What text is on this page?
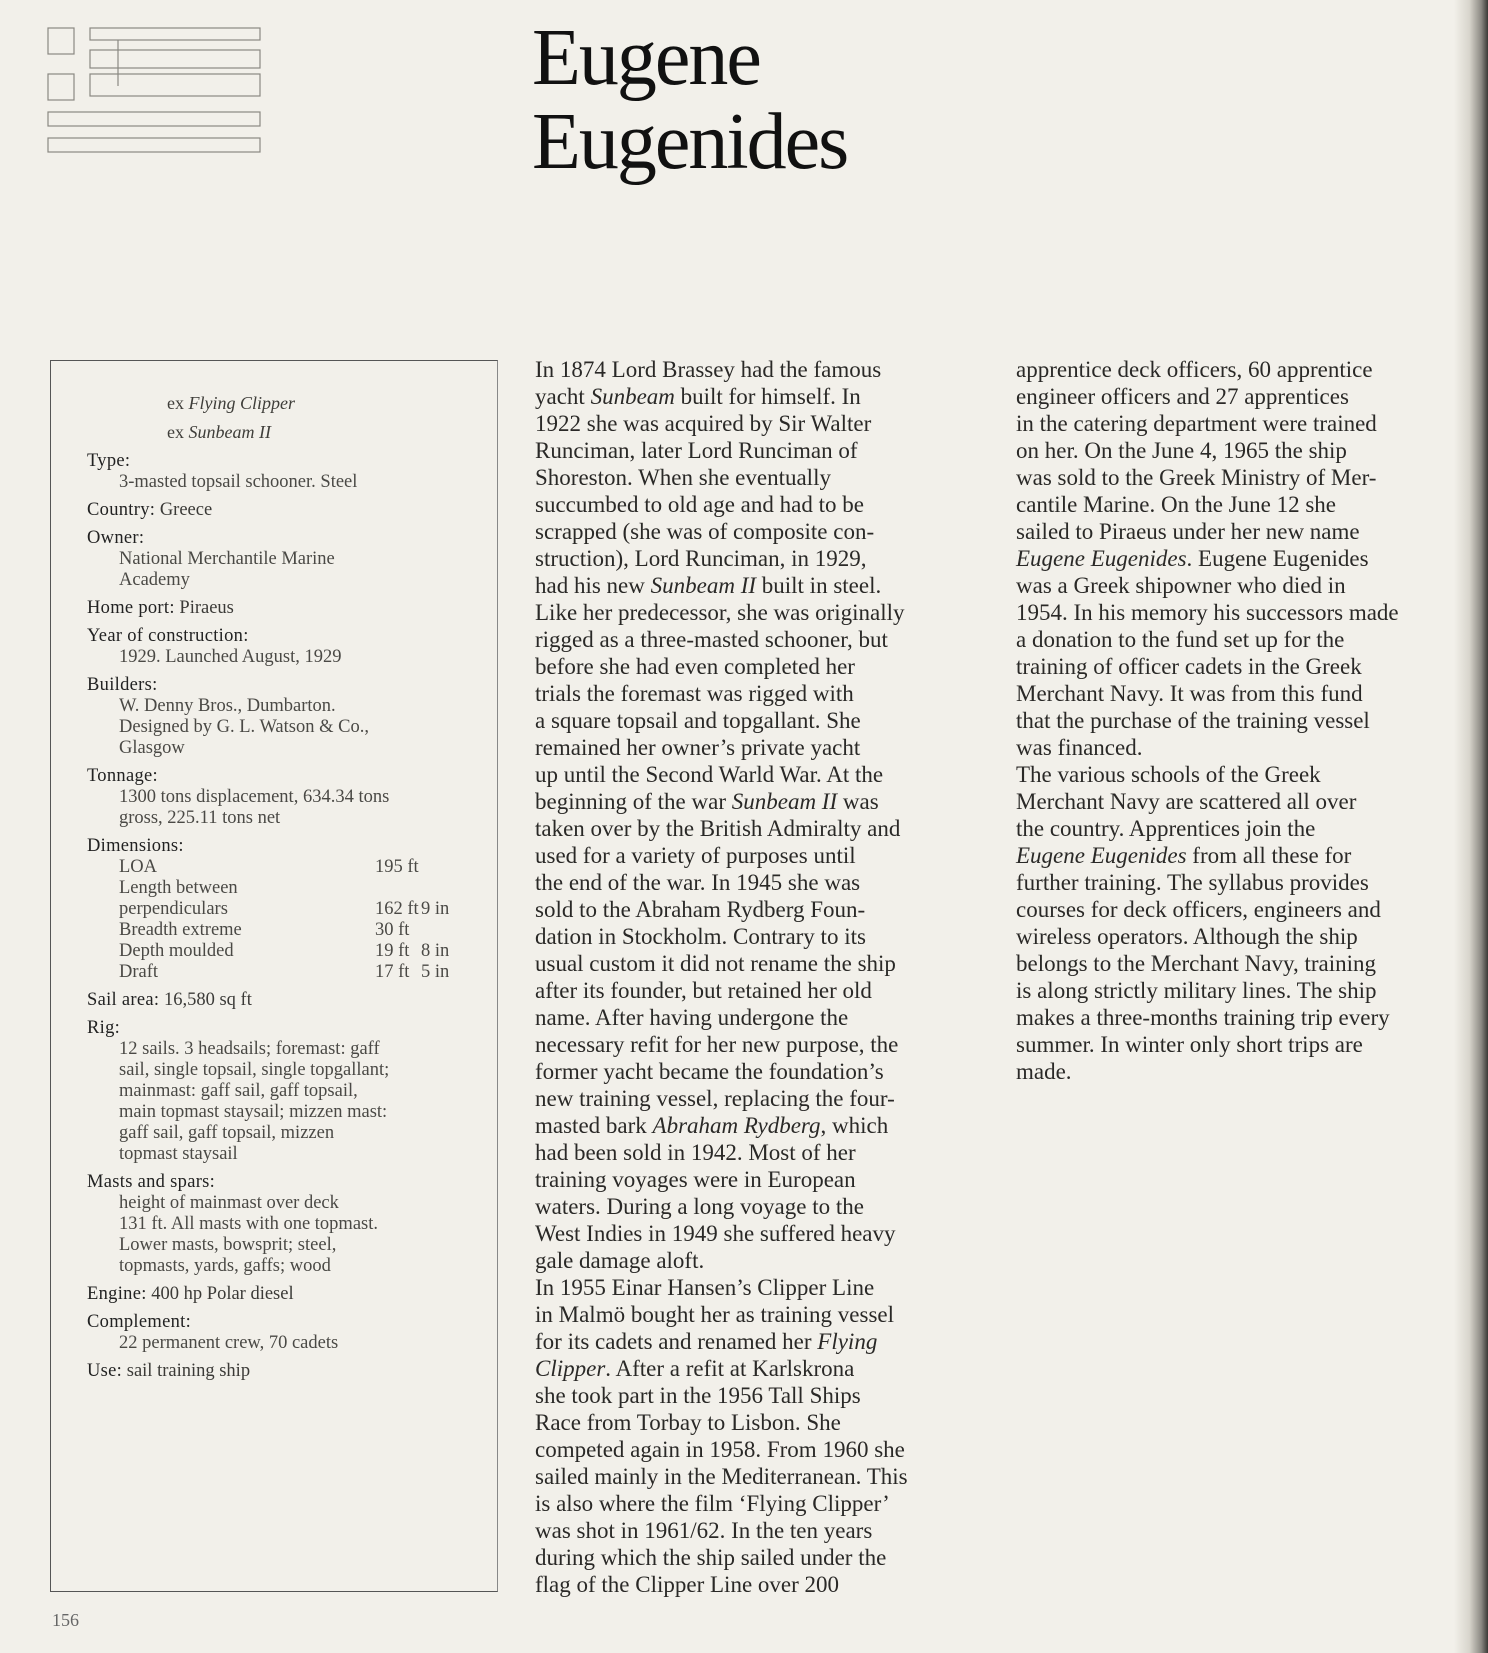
Eugene
Eugenides
ex Flying Clipper
ex Sunbeam II
Type:
3-masted topsail schooner. Steel
Country: Greece
Owner:
National Merchantile Marine
Academy
Home port: Piraeus
Year of construction:
1929. Launched August, 1929
Builders:
W. Denny Bros., Dumbarton.
Designed by G. L. Watson & Co.,
Glasgow
Tonnage:
1300 tons displacement, 634.34 tons
gross, 225.11 tons net
Dimensions:
LOA	195 ft
Length between
perpendiculars	162 ft 9 in
Breadth extreme	30 ft
Depth moulded	19 ft 8 in
Draft	17 ft 5 in
Sail area: 16,580 sq ft
Rig:
12 sails. 3 headsails; foremast: gaff
sail, single topsail, single topgallant;
mainmast: gaff sail, gaff topsail,
main topmast staysail; mizzen mast:
gaff sail, gaff topsail, mizzen
topmast staysail
Masts and spars:
height of mainmast over deck
131 ft. All masts with one topmast.
Lower masts, bowsprit; steel,
topmasts, yards, gaffs; wood
Engine: 400 hp Polar diesel
Complement:
22 permanent crew, 70 cadets
Use: sail training ship

In 1874 Lord Brassey had the famous

yacht Sunbeam built for himself. In

1922 she was acquired by Sir Walter

Runciman, later Lord Runciman of

Shoreston. When she eventually

succumbed to old age and had to be

scrapped (she was of composite con-

struction), Lord Runciman, in 1929,

had his new Sunbeam II built in steel.

Like her predecessor, she was originally

rigged as a three-masted schooner, but

before she had even completed her

trials the foremast was rigged with

a square topsail and topgallant. She

remained her owner’s private yacht

up until the Second Warld War. At the

beginning of the war Sunbeam II was

taken over by the British Admiralty and

used for a variety of purposes until

the end of the war. In 1945 she was

sold to the Abraham Rydberg Foun-

dation in Stockholm. Contrary to its

usual custom it did not rename the ship

after its founder, but retained her old

name. After having undergone the

necessary refit for her new purpose, the

former yacht became the foundation’s

new training vessel, replacing the four-

masted bark Abraham Rydberg, which

had been sold in 1942. Most of her

training voyages were in European

waters. During a long voyage to the

West Indies in 1949 she suffered heavy

gale damage aloft.

In 1955 Einar Hansen’s Clipper Line

in Malmö bought her as training vessel

for its cadets and renamed her Flying

Clipper. After a refit at Karlskrona

she took part in the 1956 Tall Ships

Race from Torbay to Lisbon. She

competed again in 1958. From 1960 she

sailed mainly in the Mediterranean. This

is also where the film ‘Flying Clipper’

was shot in 1961/62. In the ten years

during which the ship sailed under the

flag of the Clipper Line over 200

apprentice deck officers, 60 apprentice

engineer officers and 27 apprentices

in the catering department were trained

on her. On the June 4, 1965 the ship

was sold to the Greek Ministry of Mer-

cantile Marine. On the June 12 she

sailed to Piraeus under her new name

Eugene Eugenides. Eugene Eugenides

was a Greek shipowner who died in

1954. In his memory his successors made

a donation to the fund set up for the

training of officer cadets in the Greek

Merchant Navy. It was from this fund

that the purchase of the training vessel

was financed.

The various schools of the Greek

Merchant Navy are scattered all over

the country. Apprentices join the

Eugene Eugenides from all these for

further training. The syllabus provides

courses for deck officers, engineers and

wireless operators. Although the ship

belongs to the Merchant Navy, training

is along strictly military lines. The ship

makes a three-months training trip every

summer. In winter only short trips are

made.

156
